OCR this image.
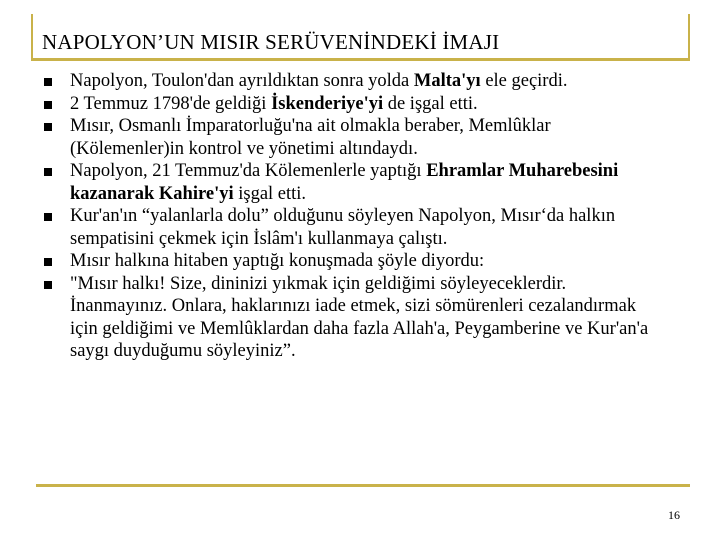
NAPOLYON’UN MISIR SERÜVENİNDEKİ İMAJI
Napolyon, Toulon'dan ayrıldıktan sonra yolda Malta'yı ele geçirdi.
2 Temmuz 1798'de geldiği İskenderiye'yi de işgal etti.
Mısır, Osmanlı İmparatorluğu'na ait olmakla beraber, Memlûklar (Kölemenler)in kontrol ve yönetimi altındaydı.
Napolyon, 21 Temmuz'da Kölemenlerle yaptığı Ehramlar Muharebesini kazanarak Kahire'yi işgal etti.
Kur'an'ın “yalanlarla dolu” olduğunu söyleyen Napolyon, Mısır‘da halkın sempatisini çekmek için İslâm'ı kullanmaya çalıştı.
Mısır halkına hitaben yaptığı konuşmada şöyle diyordu:
"Mısır halkı! Size, dininizi yıkmak için geldiğimi söyleyeceklerdir. İnanmayınız. Onlara, haklarınızı iade etmek, sizi sömürenleri cezalandırmak için geldiğimi ve Memlûklardan daha fazla Allah'a, Peygamberine ve Kur'an'a saygı duyduğumu söyleyiniz”.
16
